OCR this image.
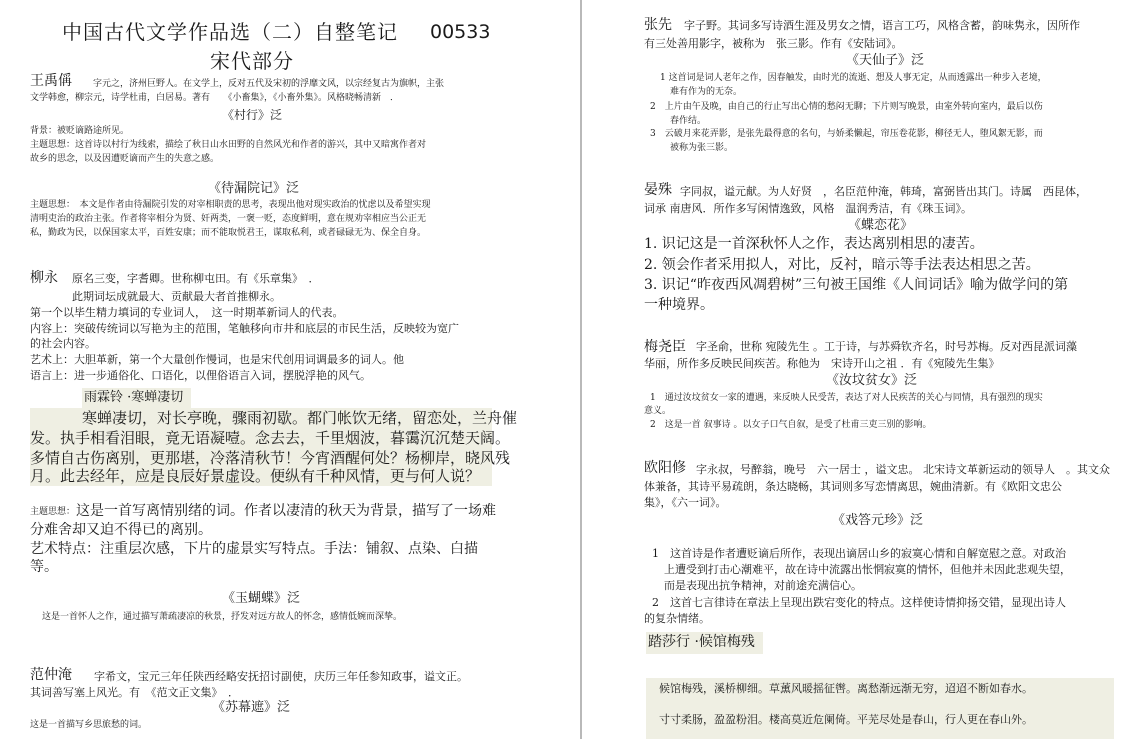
中国古代文学作品选（二）自整笔记 00533
宋代部分
王禹偁 字元之，济州巨野人。在文学上，反对五代及宋初的浮靡文风，以宗经复古为旗帜，主张
文学韩愈，柳宗元，诗学杜甫，白居易。著有　　《小畜集》，《小畜外集》。风格晓畅清新　．
《村行》泛
背景：被贬谪路途所见。
主题思想：这首诗以村行为线索，描绘了秋日山水田野的自然风光和作者的游兴，其中又暗寓作者对
故乡的思念，以及因遭贬谪而产生的失意之感。
《待漏院记》泛
主题思想：　本文是作者由待漏院引发的对宰相职责的思考，表现出他对现实政治的忧虑以及希望实现
清明吏治的政治主张。作者将宰相分为贤、奸两类，一褒一贬，态度鲜明，意在规劝宰相应当公正无
私，勤政为民，以保国家太平，百姓安康；而不能取悦君王，谋取私利，或者碌碌无为、保全自身。
柳永 原名三变，字耆卿。世称柳屯田。有《乐章集》　．
此期词坛成就最大、贡献最大者首推柳永。
第一个以毕生精力填词的专业词人，　这一时期革新词人的代表。
内容上：突破传统词以写艳为主的范围，笔触移向市井和底层的市民生活，反映较为宽广
的社会内容。
艺术上：大胆革新，第一个大量创作慢词，也是宋代创用词调最多的词人。他
语言上：进一步通俗化、口语化，以俚俗语言入词，摆脱浮艳的风气。
雨霖铃 ·寒蝉凄切
寒蝉凄切，对长亭晚，骤雨初歇。都门帐饮无绪，留恋处，兰舟催
发。执手相看泪眼，竟无语凝噎。念去去，千里烟波，暮霭沉沉楚天阔。
多情自古伤离别，更那堪，冷落清秋节！今宵酒醒何处？杨柳岸，晓风残
月。此去经年，应是良辰好景虚设。便纵有千种风情，更与何人说？
主题思想： 这是一首写离情别绪的词。作者以凄清的秋天为背景，描写了一场难
分难舍却又迫不得已的离别。
艺术特点：注重层次感，下片的虚景实写特点。手法：铺叙、点染、白描
等。
《玉蝴蝶》泛
这是一首怀人之作，通过描写萧疏凄凉的秋景，抒发对远方故人的怀念，感情低婉而深挚。
范仲淹 字希文，宝元三年任陕西经略安抚招讨副使，庆历三年任参知政事，谥文正。
其词善写塞上风光。有　《范文正文集》　．
《苏幕遮》泛
这是一首描写乡思旅愁的词。
张先 字子野。其词多写诗酒生涯及男女之情，语言工巧，风格含蓄，韵味隽永，因所作
有三处善用影字，被称为　张三影。作有《安陆词》。
《天仙子》泛
1 这首词是词人老年之作，因春触发，由时光的流逝、想及人事无定，从而透露出一种步入老境，
难有作为的无奈。
2　上片由午及晚，由自己的行止写出心情的愁闷无聊；下片则写晚景，由室外转向室内，最后以伤
春作结。
3　云破月来花弄影，是张先最得意的名句，与娇柔懒起，帘压卷花影，柳径无人，堕风絮无影，而
被称为张三影。
晏殊 字同叔，谥元献。为人好贤　，名臣范仲淹，韩琦，富弼皆出其门。诗属　西昆体，
词承 南唐风．所作多写闲情逸致，风格　温润秀洁，有《珠玉词》。
《蝶恋花》
1. 识记这是一首深秋怀人之作，表达离别相思的凄苦。
2. 领会作者采用拟人，对比，反衬，暗示等手法表达相思之苦。
3. 识记“昨夜西风凋碧树”三句被王国维《人间词话》喻为做学问的第
一种境界。
梅尧臣 字圣俞，世称 宛陵先生 。工于诗，与苏舜钦齐名，时号苏梅。反对西昆派词藻
华丽，所作多反映民间疾苦。称他为　宋诗开山之祖 ．有《宛陵先生集》
《汝坟贫女》泛
1　通过汝坟贫女一家的遭遇，来反映人民受苦，表达了对人民疾苦的关心与同情，具有强烈的现实
意义。
2　这是一首 叙事诗 。以女子口气自叙，是受了杜甫三吏三别的影响。
欧阳修 字永叔，号醉翁，晚号　六一居士 ，谥文忠。 北宋诗文革新运动的领导人　。其文众
体兼备，其诗平易疏朗，条达晓畅，其词则多写恋情离思，婉曲清新。有《欧阳文忠公
集》，《六一词》。
《戏答元珍》泛
1　这首诗是作者遭贬谪后所作，表现出谪居山乡的寂寞心情和自解宽慰之意。对政治
上遭受到打击心潮难平，故在诗中流露出怅惘寂寞的情怀，但他并未因此悲观失望，
而是表现出抗争精神，对前途充满信心。
2　这首七言律诗在章法上呈现出跌宕变化的特点。这样使诗情抑扬交错，显现出诗人
的复杂情绪。
踏莎行 ·候馆梅残
候馆梅残，溪桥柳细。草薰风暖摇征辔。离愁渐远渐无穷，迢迢不断如春水。
寸寸柔肠，盈盈粉泪。楼高莫近危阑倚。平芜尽处是春山，行人更在春山外。
